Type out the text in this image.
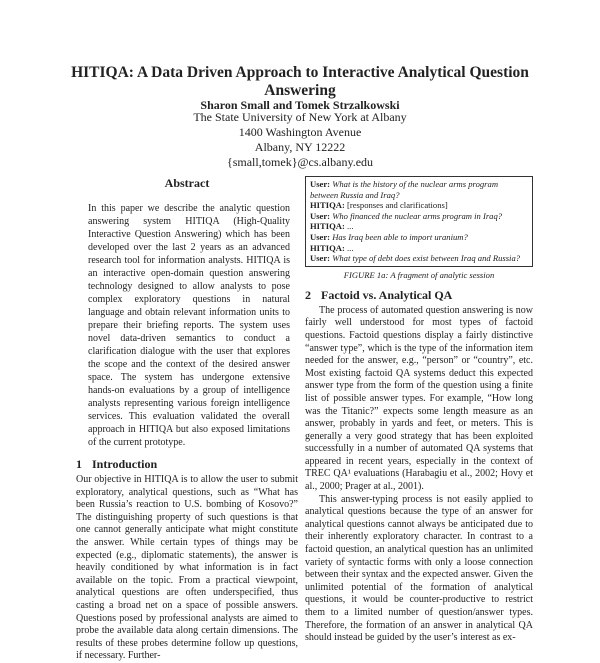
HITIQA: A Data Driven Approach to Interactive Analytical Question Answering
Sharon Small and Tomek Strzalkowski
The State University of New York at Albany
1400 Washington Avenue
Albany, NY 12222
{small,tomek}@cs.albany.edu
Abstract

In this paper we describe the analytic question answering system HITIQA (High-Quality Interactive Question Answering) which has been developed over the last 2 years as an advanced research tool for information analysts. HITIQA is an interactive open-domain question answering technology designed to allow analysts to pose complex exploratory questions in natural language and obtain relevant information units to prepare their briefing reports. The system uses novel data-driven semantics to conduct a clarification dialogue with the user that explores the scope and the context of the desired answer space. The system has undergone extensive hands-on evaluations by a group of intelligence analysts representing various foreign intelligence services. This evaluation validated the overall approach in HITIQA but also exposed limitations of the current prototype.

1 Introduction

Our objective in HITIQA is to allow the user to submit exploratory, analytical questions, such as “What has been Russia’s reaction to U.S. bombing of Kosovo?” The distinguishing property of such questions is that one cannot generally anticipate what might constitute the answer. While certain types of things may be expected (e.g., diplomatic statements), the answer is heavily conditioned by what information is in fact available on the topic. From a practical viewpoint, analytical questions are often underspecified, thus casting a broad net on a space of possible answers. Questions posed by professional analysts are aimed to probe the available data along certain dimensions. The results of these probes determine follow up questions, if necessary. Further-

User: What is the history of the nuclear arms program between Russia and Iraq?
HITIQA: [responses and clarifications]
User: Who financed the nuclear arms program in Iraq?
HITIQA: ...
User: Has Iraq been able to import uranium?
HITIQA: ...
User: What type of debt does exist between Iraq and Russia?
FIGURE 1a: A fragment of analytic session
2 Factoid vs. Analytical QA

The process of automated question answering is now fairly well understood for most types of factoid questions. Factoid questions display a fairly distinctive “answer type”, which is the type of the information item needed for the answer, e.g., “person” or “country”, etc. Most existing factoid QA systems deduct this expected answer type from the form of the question using a finite list of possible answer types. For example, “How long was the Titanic?” expects some length measure as an answer, probably in yards and feet, or meters. This is generally a very good strategy that has been exploited successfully in a number of automated QA systems that appeared in recent years, especially in the context of TREC QA¹ evaluations (Harabagiu et al., 2002; Hovy et al., 2000; Prager at al., 2001).

This answer-typing process is not easily applied to analytical questions because the type of an answer for analytical questions cannot always be anticipated due to their inherently exploratory character. In contrast to a factoid question, an analytical question has an unlimited variety of syntactic forms with only a loose connection between their syntax and the expected answer. Given the unlimited potential of the formation of analytical questions, it would be counter-productive to restrict them to a limited number of question/answer types. Therefore, the formation of an answer in analytical QA should instead be guided by the user’s interest as ex-
